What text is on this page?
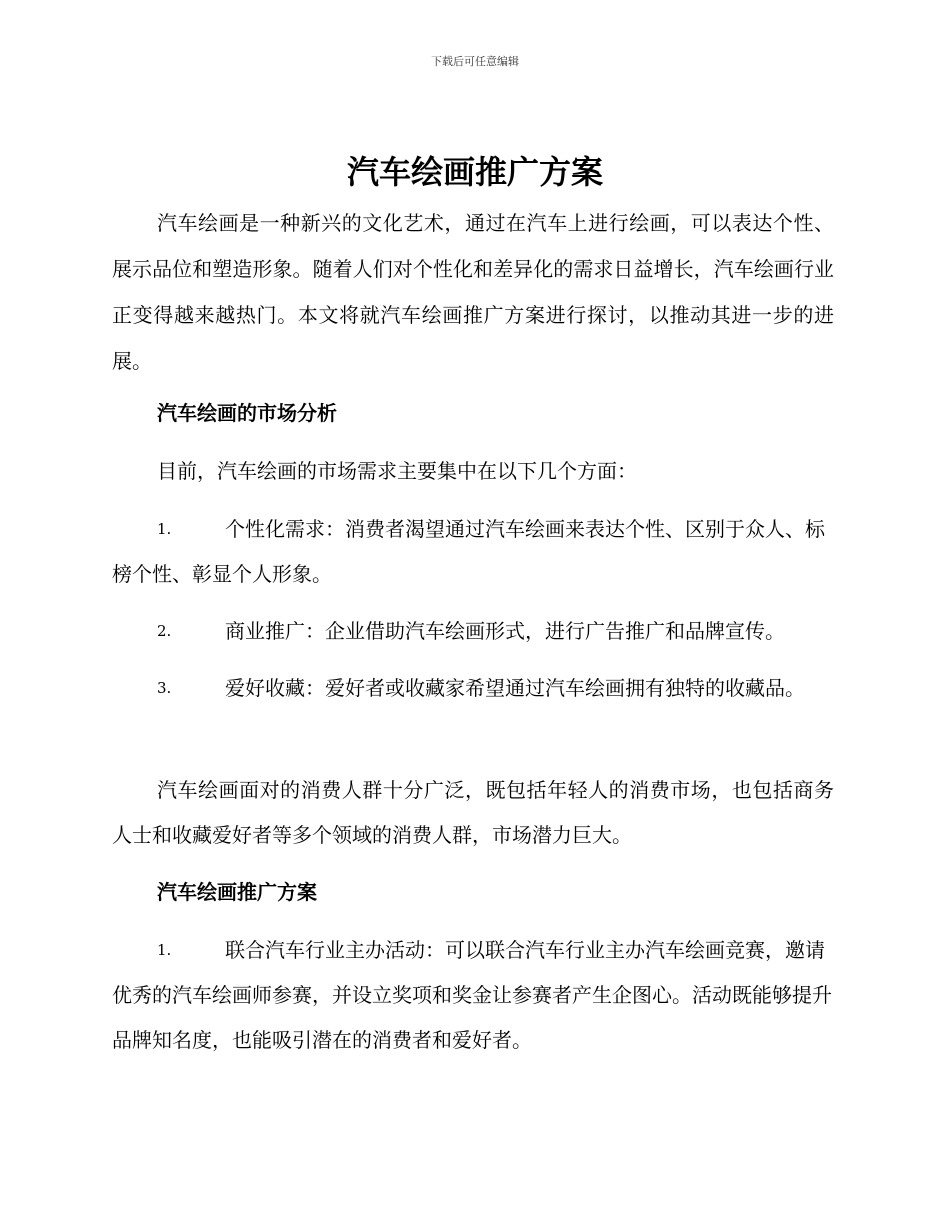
下载后可任意编辑
汽车绘画推广方案
汽车绘画是一种新兴的文化艺术，通过在汽车上进行绘画，可以表达个性、展示品位和塑造形象。随着人们对个性化和差异化的需求日益增长，汽车绘画行业正变得越来越热门。本文将就汽车绘画推广方案进行探讨，以推动其进一步的进展。
汽车绘画的市场分析
目前，汽车绘画的市场需求主要集中在以下几个方面：
1.	个性化需求：消费者渴望通过汽车绘画来表达个性、区别于众人、标榜个性、彰显个人形象。
2.	商业推广：企业借助汽车绘画形式，进行广告推广和品牌宣传。
3.	爱好收藏：爱好者或收藏家希望通过汽车绘画拥有独特的收藏品。
汽车绘画面对的消费人群十分广泛，既包括年轻人的消费市场，也包括商务人士和收藏爱好者等多个领域的消费人群，市场潜力巨大。
汽车绘画推广方案
1.	联合汽车行业主办活动：可以联合汽车行业主办汽车绘画竞赛，邀请优秀的汽车绘画师参赛，并设立奖项和奖金让参赛者产生企图心。活动既能够提升品牌知名度，也能吸引潜在的消费者和爱好者。
